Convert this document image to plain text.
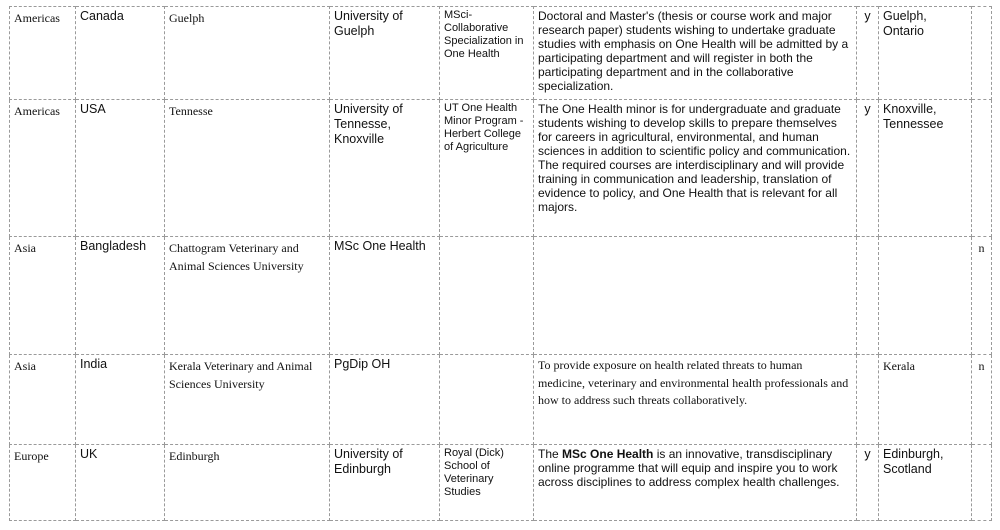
Americas	Canada	Guelph	University of Guelph	MSci-Collaborative Specialization in One Health	Doctoral and Master's (thesis or course work and major research paper) students wishing to undertake graduate studies with emphasis on One Health will be admitted by a participating department and will register in both the participating department and in the collaborative specialization.	y	Guelph, Ontario	
Americas	USA	Tennesse	University of Tennesse, Knoxville	UT One Health Minor Program - Herbert College of Agriculture	The One Health minor is for undergraduate and graduate students wishing to develop skills to prepare themselves for careers in agricultural, environmental, and human sciences in addition to scientific policy and communication. The required courses are interdisciplinary and will provide training in communication and leadership, translation of evidence to policy, and One Health that is relevant for all majors.	y	Knoxville, Tennessee	
Asia	Bangladesh	Chattogram Veterinary and Animal Sciences University	MSc One Health					n
Asia	India	Kerala Veterinary and Animal Sciences University	PgDip OH		To provide exposure on health related threats to human medicine, veterinary and environmental health professionals and how to address such threats collaboratively.		Kerala	n
Europe	UK	Edinburgh	University of Edinburgh	Royal (Dick) School of Veterinary Studies	The MSc One Health is an innovative, transdisciplinary online programme that will equip and inspire you to work across disciplines to address complex health challenges.	y	Edinburgh, Scotland	
